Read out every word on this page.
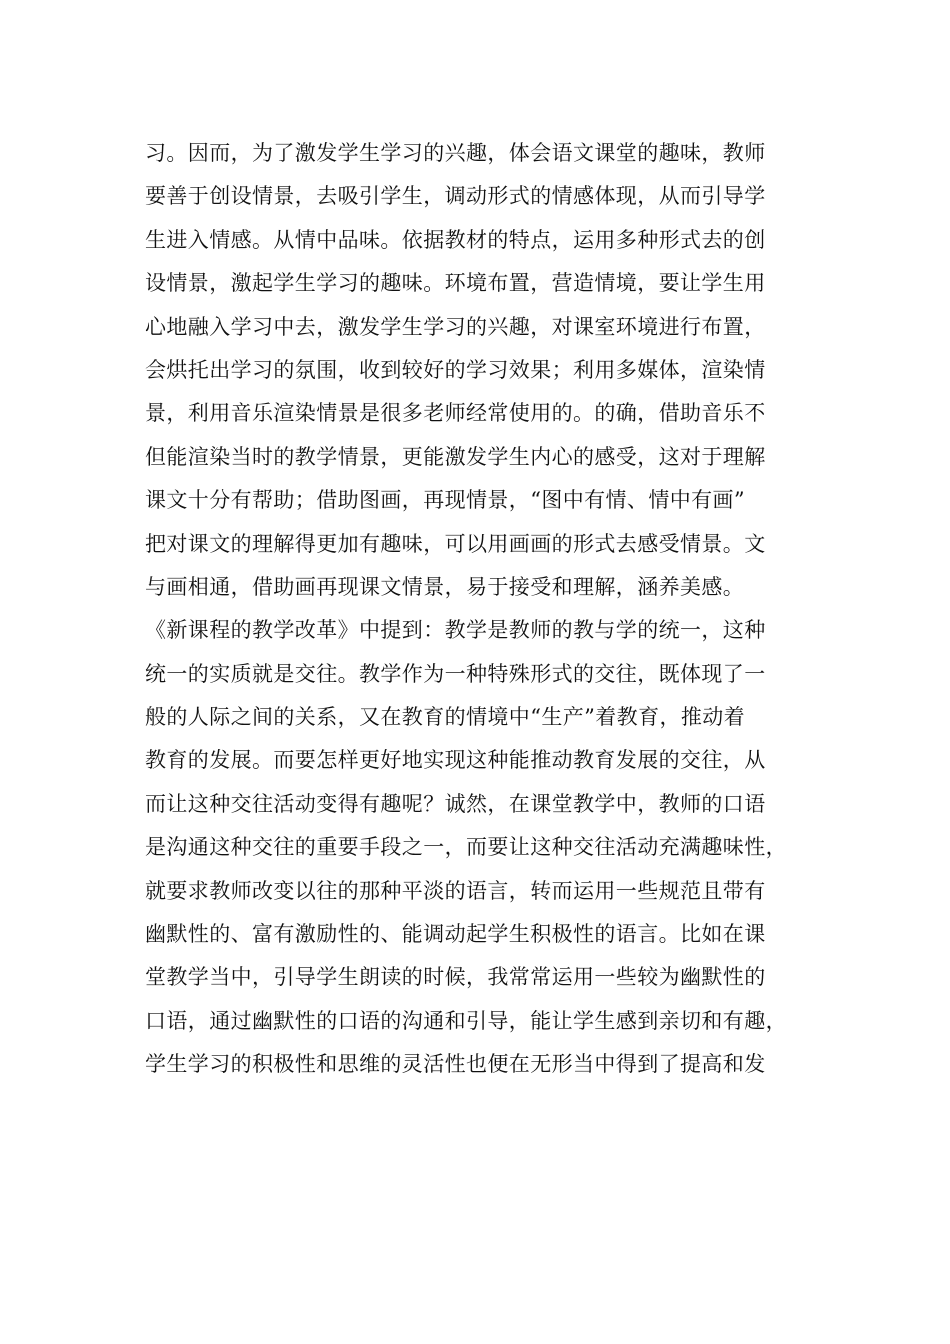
习。因而，为了激发学生学习的兴趣，体会语文课堂的趣味，教师
要善于创设情景，去吸引学生，调动形式的情感体现，从而引导学
生进入情感。从情中品味。依据教材的特点，运用多种形式去的创
设情景，激起学生学习的趣味。环境布置，营造情境，要让学生用
心地融入学习中去，激发学生学习的兴趣，对课室环境进行布置，
会烘托出学习的氛围，收到较好的学习效果；利用多媒体，渲染情
景，利用音乐渲染情景是很多老师经常使用的。的确，借助音乐不
但能渲染当时的教学情景，更能激发学生内心的感受，这对于理解
课文十分有帮助；借助图画，再现情景，“图中有情、情中有画”
把对课文的理解得更加有趣味，可以用画画的形式去感受情景。文
与画相通，借助画再现课文情景，易于接受和理解，涵养美感。
《新课程的教学改革》中提到：教学是教师的教与学的统一，这种
统一的实质就是交往。教学作为一种特殊形式的交往，既体现了一
般的人际之间的关系，又在教育的情境中“生产”着教育，推动着
教育的发展。而要怎样更好地实现这种能推动教育发展的交往，从
而让这种交往活动变得有趣呢？诚然，在课堂教学中，教师的口语
是沟通这种交往的重要手段之一，而要让这种交往活动充满趣味性，
就要求教师改变以往的那种平淡的语言，转而运用一些规范且带有
幽默性的、富有激励性的、能调动起学生积极性的语言。比如在课
堂教学当中，引导学生朗读的时候，我常常运用一些较为幽默性的
口语，通过幽默性的口语的沟通和引导，能让学生感到亲切和有趣，
学生学习的积极性和思维的灵活性也便在无形当中得到了提高和发
